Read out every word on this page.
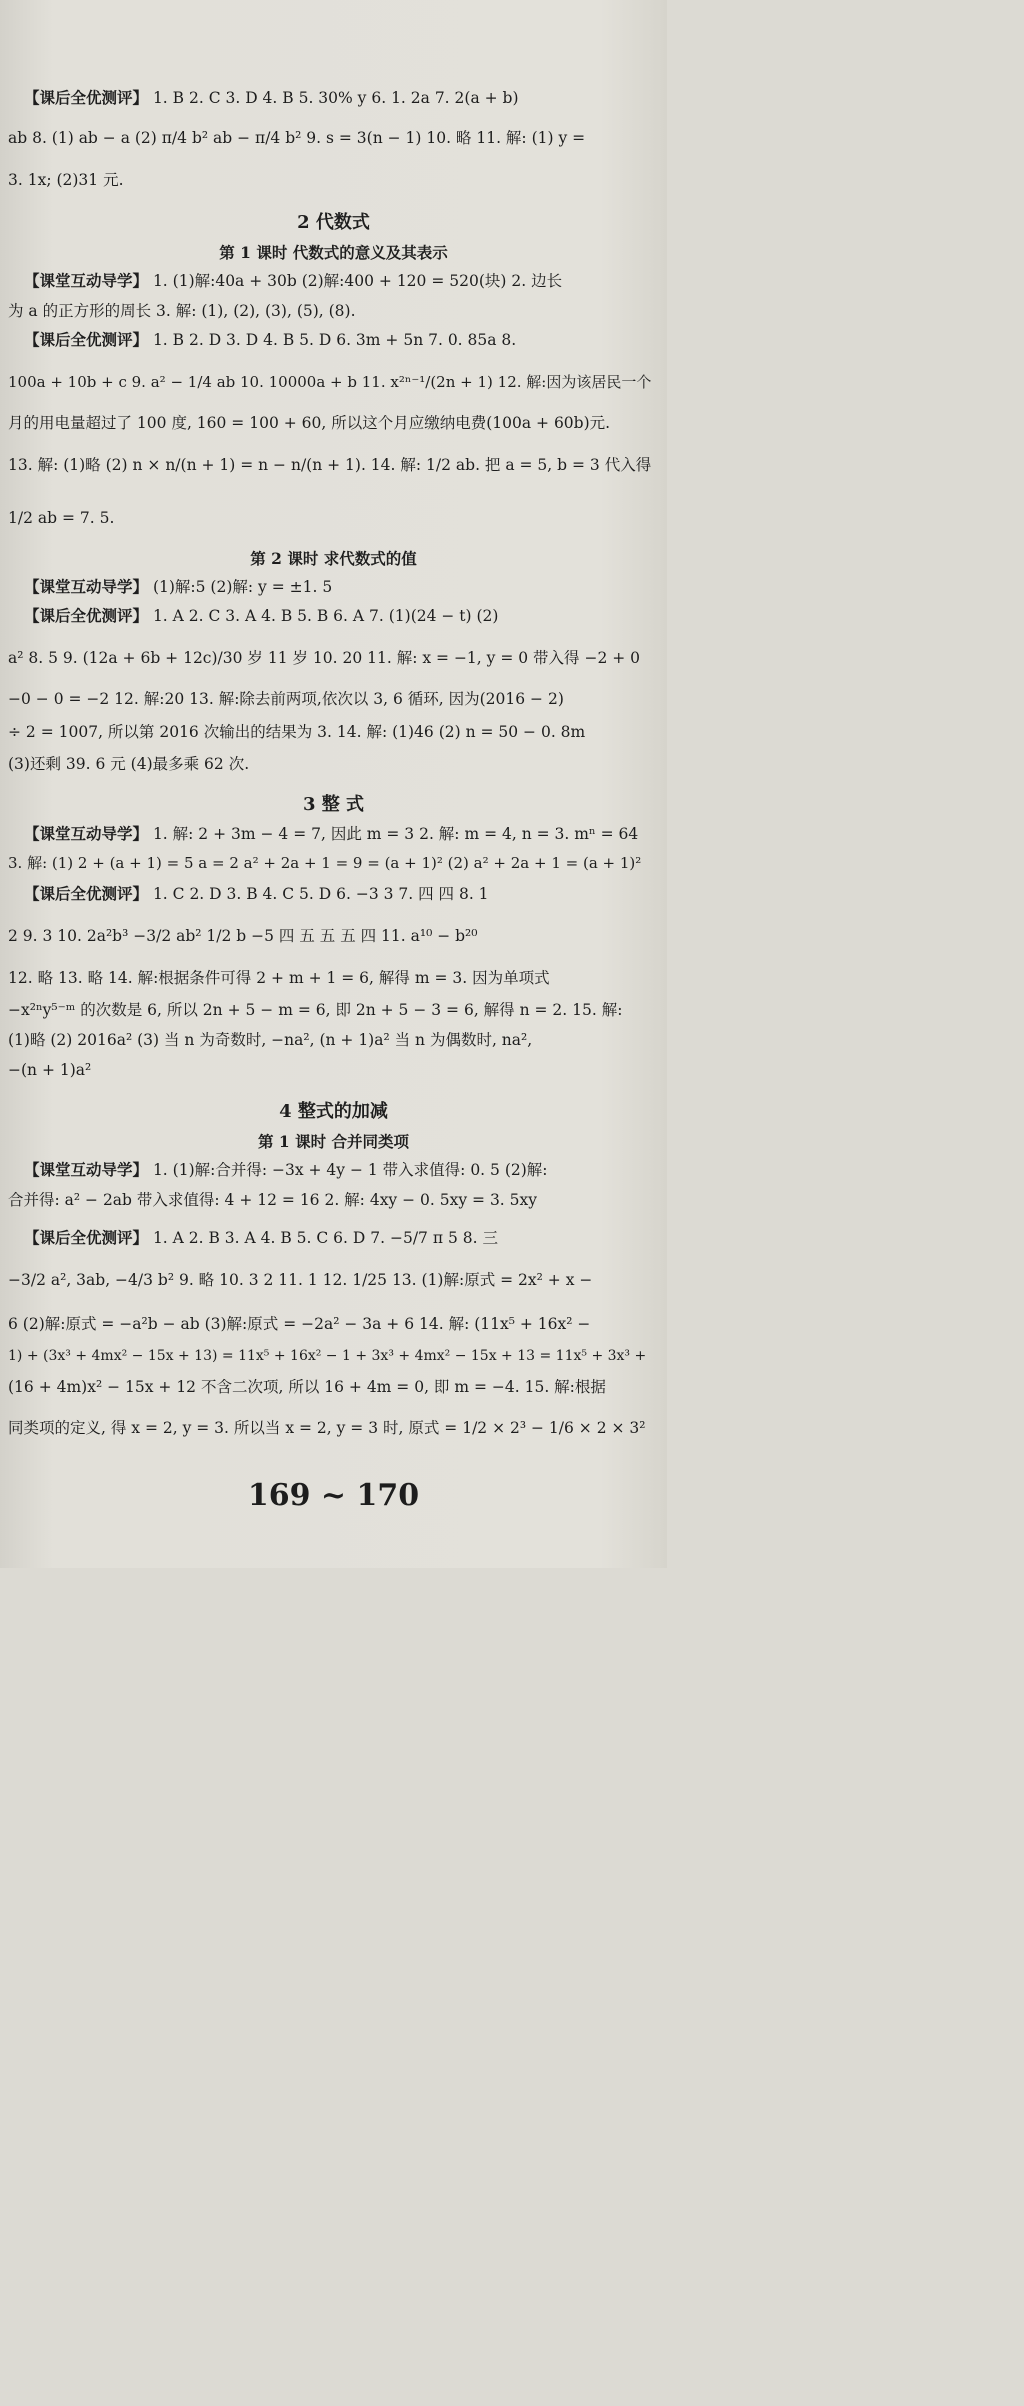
【课后全优测评】 1. B 2. C 3. D 4. B 5. 30% y 6. 1. 2a 7. 2(a + b)
ab 8. (1) ab − a (2) π/4 b² ab − π/4 b² 9. s = 3(n − 1) 10. 略 11. 解: (1) y =
3. 1x; (2)31 元.
2 代数式
第 1 课时 代数式的意义及其表示
【课堂互动导学】 1. (1)解:40a + 30b (2)解:400 + 120 = 520(块) 2. 边长
为 a 的正方形的周长 3. 解: (1), (2), (3), (5), (8).
【课后全优测评】 1. B 2. D 3. D 4. B 5. D 6. 3m + 5n 7. 0. 85a 8.
100a + 10b + c 9. a² − 1/4 ab 10. 10000a + b 11. x²ⁿ⁻¹/(2n + 1) 12. 解:因为该居民一个
月的用电量超过了 100 度, 160 = 100 + 60, 所以这个月应缴纳电费(100a + 60b)元.
13. 解: (1)略 (2) n × n/(n + 1) = n − n/(n + 1). 14. 解: 1/2 ab. 把 a = 5, b = 3 代入得
1/2 ab = 7. 5.
第 2 课时 求代数式的值
【课堂互动导学】 (1)解:5 (2)解: y = ±1. 5
【课后全优测评】 1. A 2. C 3. A 4. B 5. B 6. A 7. (1)(24 − t) (2)
a² 8. 5 9. (12a + 6b + 12c)/30 岁 11 岁 10. 20 11. 解: x = −1, y = 0 带入得 −2 + 0
−0 − 0 = −2 12. 解:20 13. 解:除去前两项,依次以 3, 6 循环, 因为(2016 − 2)
÷ 2 = 1007, 所以第 2016 次输出的结果为 3. 14. 解: (1)46 (2) n = 50 − 0. 8m
(3)还剩 39. 6 元 (4)最多乘 62 次.
3 整 式
【课堂互动导学】 1. 解: 2 + 3m − 4 = 7, 因此 m = 3 2. 解: m = 4, n = 3. mⁿ = 64
3. 解: (1) 2 + (a + 1) = 5 a = 2 a² + 2a + 1 = 9 = (a + 1)² (2) a² + 2a + 1 = (a + 1)²
【课后全优测评】 1. C 2. D 3. B 4. C 5. D 6. −3 3 7. 四 四 8. 1
2 9. 3 10. 2a²b³ −3/2 ab² 1/2 b −5 四 五 五 五 四 11. a¹⁰ − b²⁰
12. 略 13. 略 14. 解:根据条件可得 2 + m + 1 = 6, 解得 m = 3. 因为单项式
−x²ⁿy⁵⁻ᵐ 的次数是 6, 所以 2n + 5 − m = 6, 即 2n + 5 − 3 = 6, 解得 n = 2. 15. 解:
(1)略 (2) 2016a² (3) 当 n 为奇数时, −na², (n + 1)a² 当 n 为偶数时, na²,
−(n + 1)a²
4 整式的加减
第 1 课时 合并同类项
【课堂互动导学】 1. (1)解:合并得: −3x + 4y − 1 带入求值得: 0. 5 (2)解:
合并得: a² − 2ab 带入求值得: 4 + 12 = 16 2. 解: 4xy − 0. 5xy = 3. 5xy
【课后全优测评】 1. A 2. B 3. A 4. B 5. C 6. D 7. −5/7 π 5 8. 三
−3/2 a², 3ab, −4/3 b² 9. 略 10. 3 2 11. 1 12. 1/25 13. (1)解:原式 = 2x² + x −
6 (2)解:原式 = −a²b − ab (3)解:原式 = −2a² − 3a + 6 14. 解: (11x⁵ + 16x² −
1) + (3x³ + 4mx² − 15x + 13) = 11x⁵ + 16x² − 1 + 3x³ + 4mx² − 15x + 13 = 11x⁵ + 3x³ +
(16 + 4m)x² − 15x + 12 不含二次项, 所以 16 + 4m = 0, 即 m = −4. 15. 解:根据
同类项的定义, 得 x = 2, y = 3. 所以当 x = 2, y = 3 时, 原式 = 1/2 × 2³ − 1/6 × 2 × 3²
169 ~ 170
